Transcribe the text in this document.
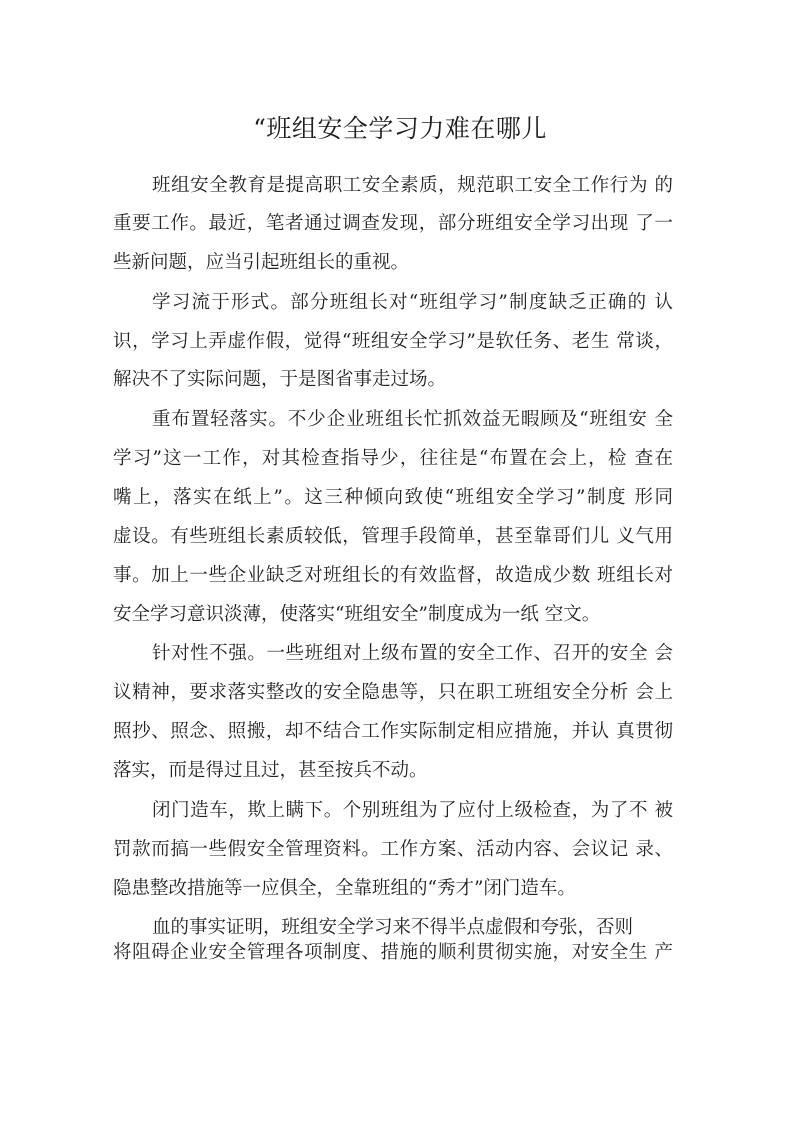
“班组安全学习力难在哪儿

班组安全教育是提高职工安全素质，规范职工安全工作行为 的

重要工作。最近，笔者通过调查发现，部分班组安全学习出现 了一

些新问题，应当引起班组长的重视。

学习流于形式。部分班组长对“班组学习”制度缺乏正确的 认

识，学习上弄虚作假，觉得“班组安全学习”是软任务、老生 常谈，

解决不了实际问题，于是图省事走过场。

重布置轻落实。不少企业班组长忙抓效益无暇顾及“班组安 全

学习”这一工作，对其检查指导少，往往是“布置在会上，检 查在

嘴上，落实在纸上”。这三种倾向致使“班组安全学习”制度 形同

虚设。有些班组长素质较低，管理手段简单，甚至靠哥们儿 义气用

事。加上一些企业缺乏对班组长的有效监督，故造成少数 班组长对

安全学习意识淡薄，使落实“班组安全”制度成为一纸 空文。

针对性不强。一些班组对上级布置的安全工作、召开的安全 会

议精神，要求落实整改的安全隐患等，只在职工班组安全分析 会上

照抄、照念、照搬，却不结合工作实际制定相应措施，并认 真贯彻

落实，而是得过且过，甚至按兵不动。

闭门造车，欺上瞒下。个别班组为了应付上级检查，为了不 被

罚款而搞一些假安全管理资料。工作方案、活动内容、会议记 录、

隐患整改措施等一应俱全，全靠班组的“秀才”闭门造车。

血的事实证明，班组安全学习来不得半点虚假和夸张，否则

将阻碍企业安全管理各项制度、措施的顺利贯彻实施，对安全生 产
